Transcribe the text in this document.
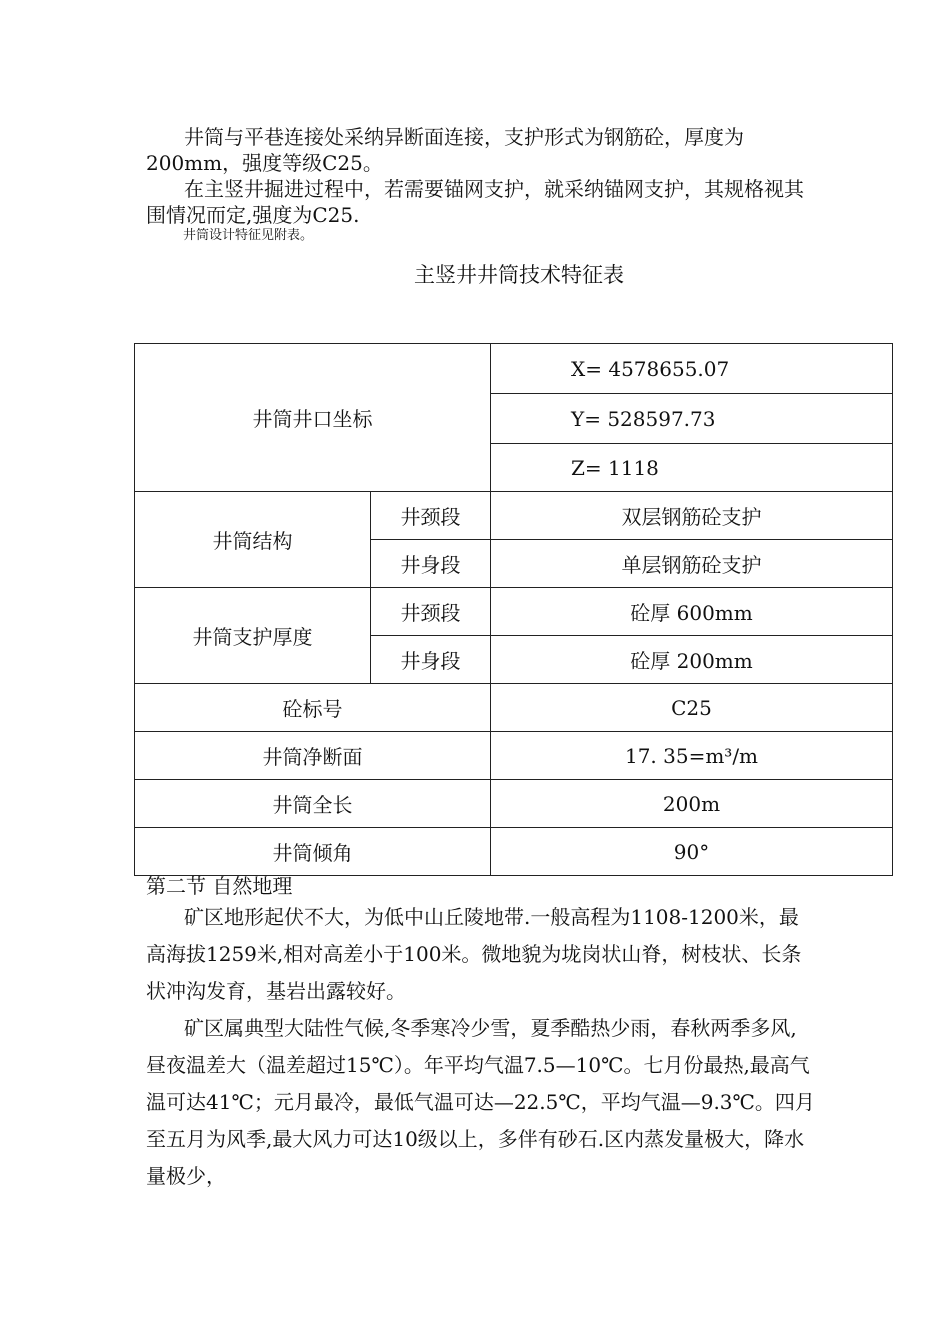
井筒与平巷连接处采纳异断面连接，支护形式为钢筋砼，厚度为200mm，强度等级C25。

在主竖井掘进过程中，若需要锚网支护，就采纳锚网支护，其规格视其围情况而定,强度为C25.

井筒设计特征见附表。
主竖井井筒技术特征表
井筒井口坐标		X= 4578655.07
		Y= 528597.73
		Z= 1118
井筒结构	井颈段	双层钢筋砼支护
	井身段	单层钢筋砼支护
井筒支护厚度	井颈段	砼厚 600mm
	井身段	砼厚 200mm
砼标号		C25
井筒净断面		17. 35=m³/m
井筒全长		200m
井筒倾角		90°
第二节 自然地理

矿区地形起伏不大，为低中山丘陵地带.一般高程为1108-1200米，最高海拔1259米,相对高差小于100米。微地貌为垅岗状山脊，树枝状、长条状冲沟发育，基岩出露较好。

矿区属典型大陆性气候,冬季寒冷少雪，夏季酷热少雨，春秋两季多风,昼夜温差大（温差超过15℃）。年平均气温7.5—10℃。七月份最热,最高气温可达41℃；元月最冷，最低气温可达—22.5℃，平均气温—9.3℃。四月至五月为风季,最大风力可达10级以上，多伴有砂石.区内蒸发量极大，降水量极少，
